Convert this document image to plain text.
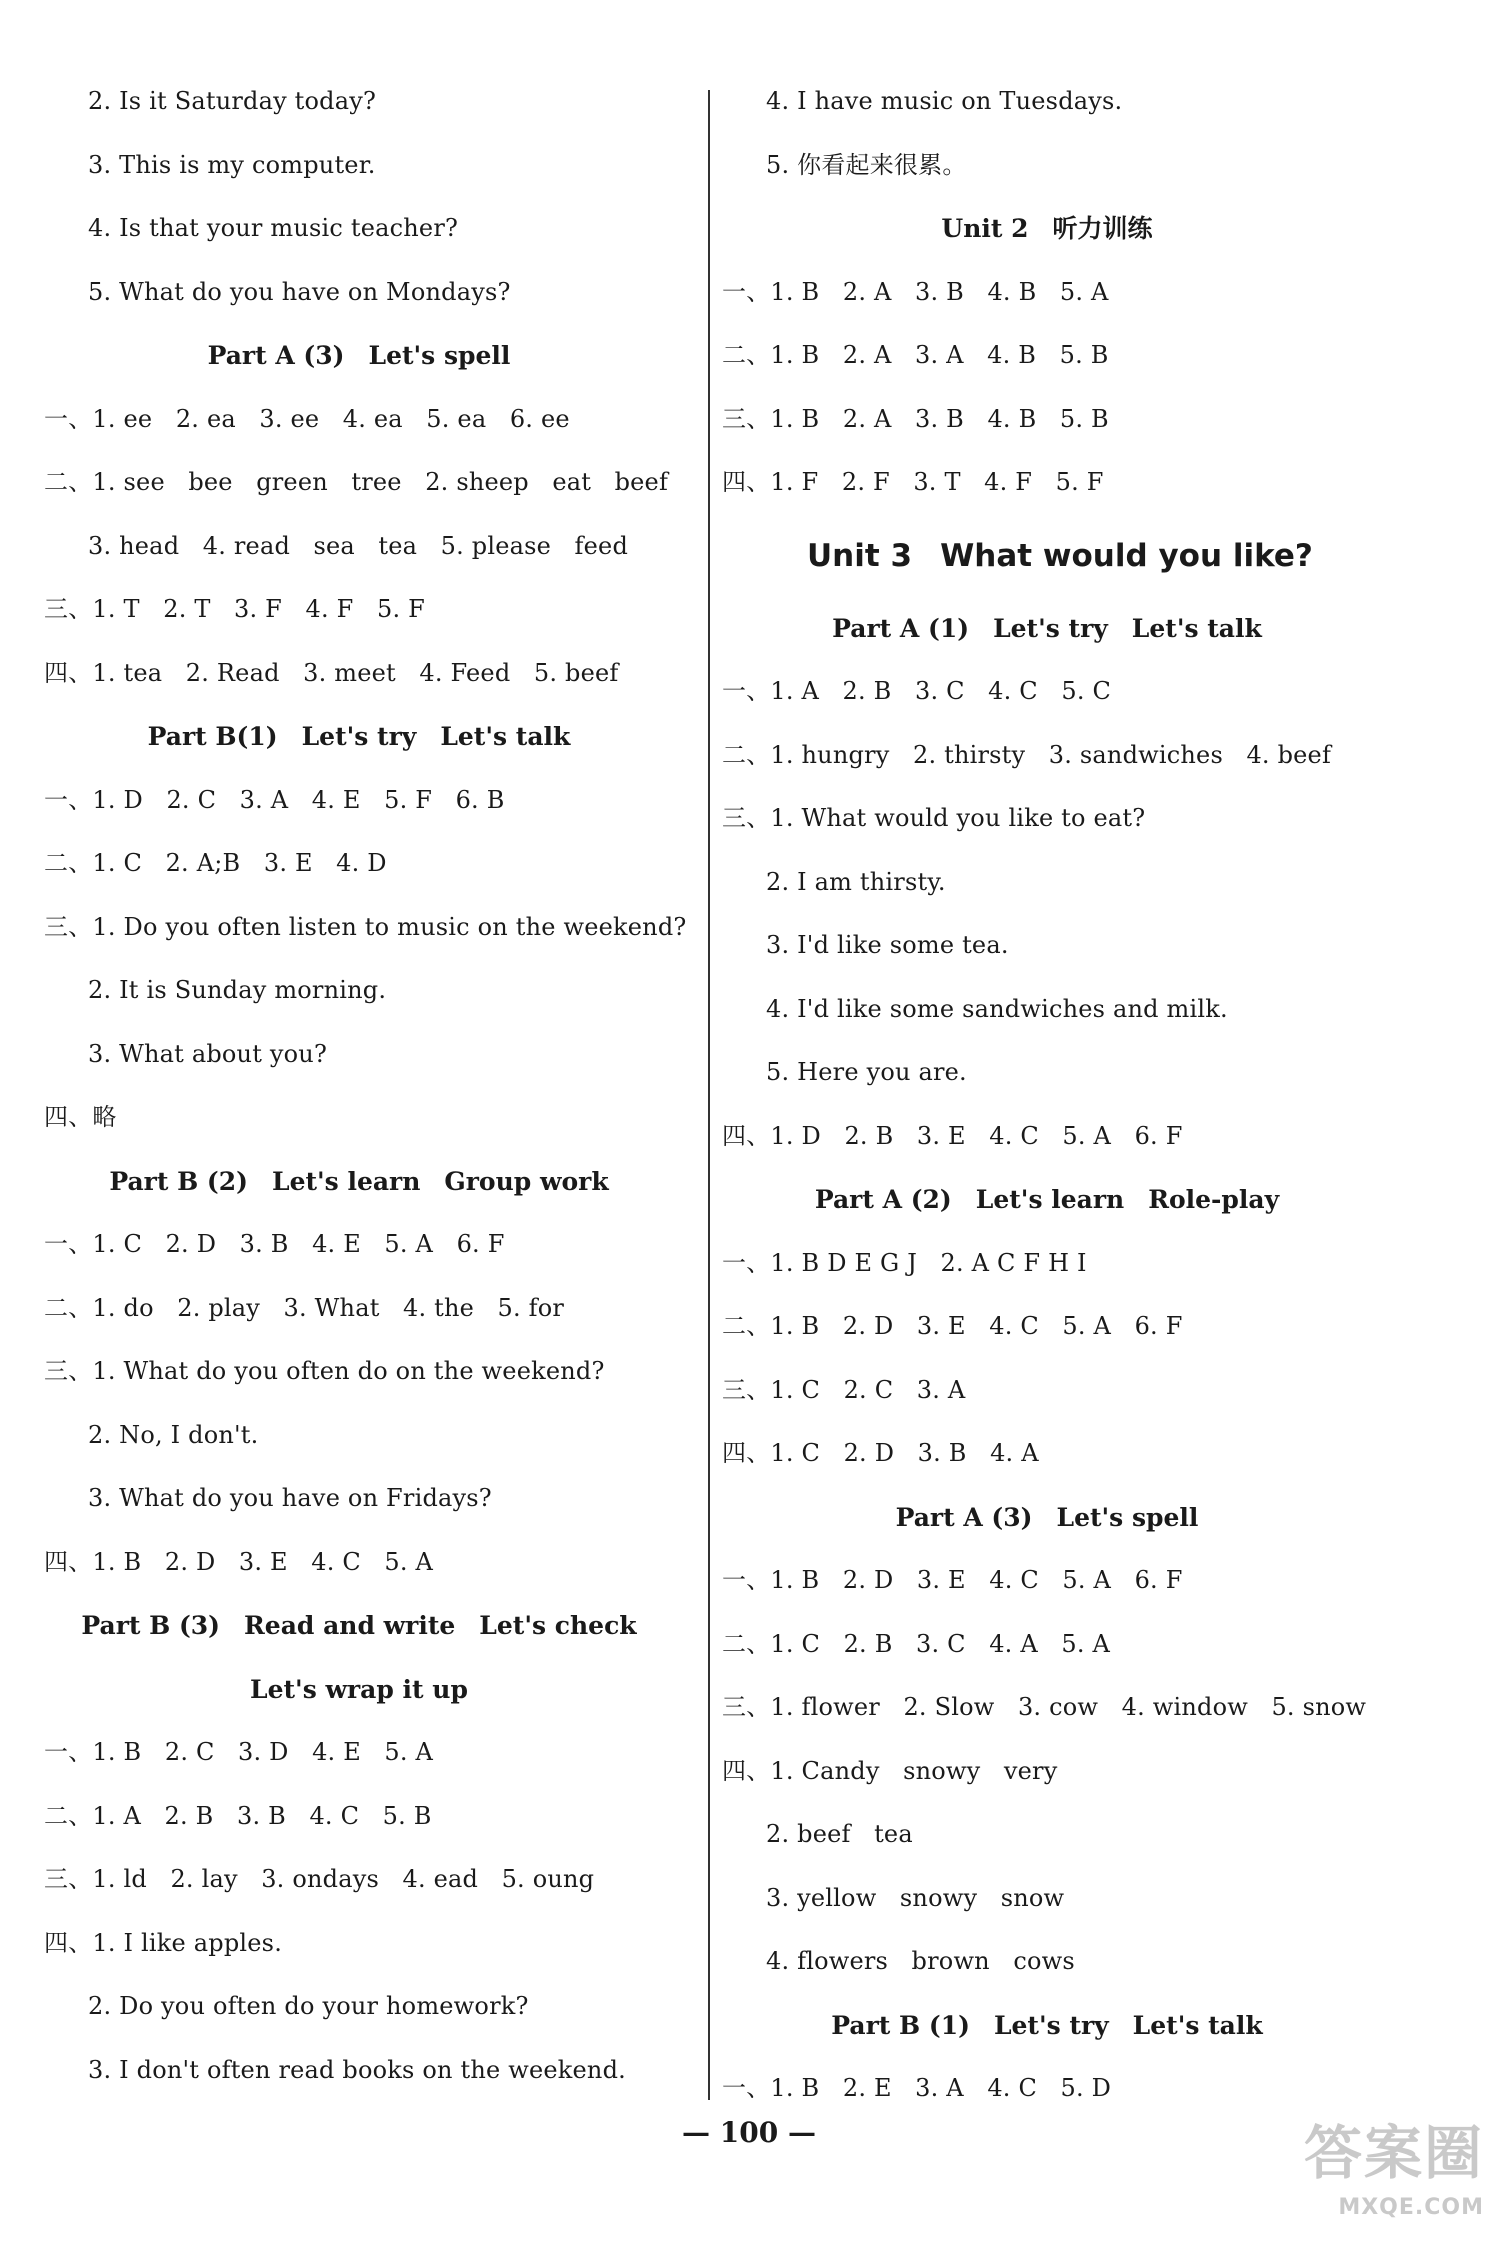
2. Is it Saturday today?
3. This is my computer.
4. Is that your music teacher?
5. What do you have on Mondays?
Part A (3) Let's spell
一、1. ee   2. ea   3. ee   4. ea   5. ea   6. ee
二、1. see   bee   green   tree   2. sheep   eat   beef
3. head   4. read   sea   tea   5. please   feed
三、1. T   2. T   3. F   4. F   5. F
四、1. tea   2. Read   3. meet   4. Feed   5. beef
Part B(1) Let's try Let's talk
一、1. D   2. C   3. A   4. E   5. F   6. B
二、1. C   2. A;B   3. E   4. D
三、1. Do you often listen to music on the weekend?
2. It is Sunday morning.
3. What about you?
四、略
Part B (2) Let's learn Group work
一、1. C   2. D   3. B   4. E   5. A   6. F
二、1. do   2. play   3. What   4. the   5. for
三、1. What do you often do on the weekend?
2. No, I don't.
3. What do you have on Fridays?
四、1. B   2. D   3. E   4. C   5. A
Part B (3) Read and write Let's check
Let's wrap it up
一、1. B   2. C   3. D   4. E   5. A
二、1. A   2. B   3. B   4. C   5. B
三、1. ld   2. lay   3. ondays   4. ead   5. oung
四、1. I like apples.
2. Do you often do your homework?
3. I don't often read books on the weekend.
4. I have music on Tuesdays.
5. 你看起来很累。
Unit 2 听力训练
一、1. B   2. A   3. B   4. B   5. A
二、1. B   2. A   3. A   4. B   5. B
三、1. B   2. A   3. B   4. B   5. B
四、1. F   2. F   3. T   4. F   5. F
Unit 3 What would you like?
Part A (1) Let's try Let's talk
一、1. A   2. B   3. C   4. C   5. C
二、1. hungry   2. thirsty   3. sandwiches   4. beef
三、1. What would you like to eat?
2. I am thirsty.
3. I'd like some tea.
4. I'd like some sandwiches and milk.
5. Here you are.
四、1. D   2. B   3. E   4. C   5. A   6. F
Part A (2) Let's learn Role-play
一、1. B D E G J   2. A C F H I
二、1. B   2. D   3. E   4. C   5. A   6. F
三、1. C   2. C   3. A
四、1. C   2. D   3. B   4. A
Part A (3) Let's spell
一、1. B   2. D   3. E   4. C   5. A   6. F
二、1. C   2. B   3. C   4. A   5. A
三、1. flower   2. Slow   3. cow   4. window   5. snow
四、1. Candy   snowy   very
2. beef   tea
3. yellow   snowy   snow
4. flowers   brown   cows
Part B (1) Let's try Let's talk
一、1. B   2. E   3. A   4. C   5. D
— 100 —	答案圈
MXQE.COM
